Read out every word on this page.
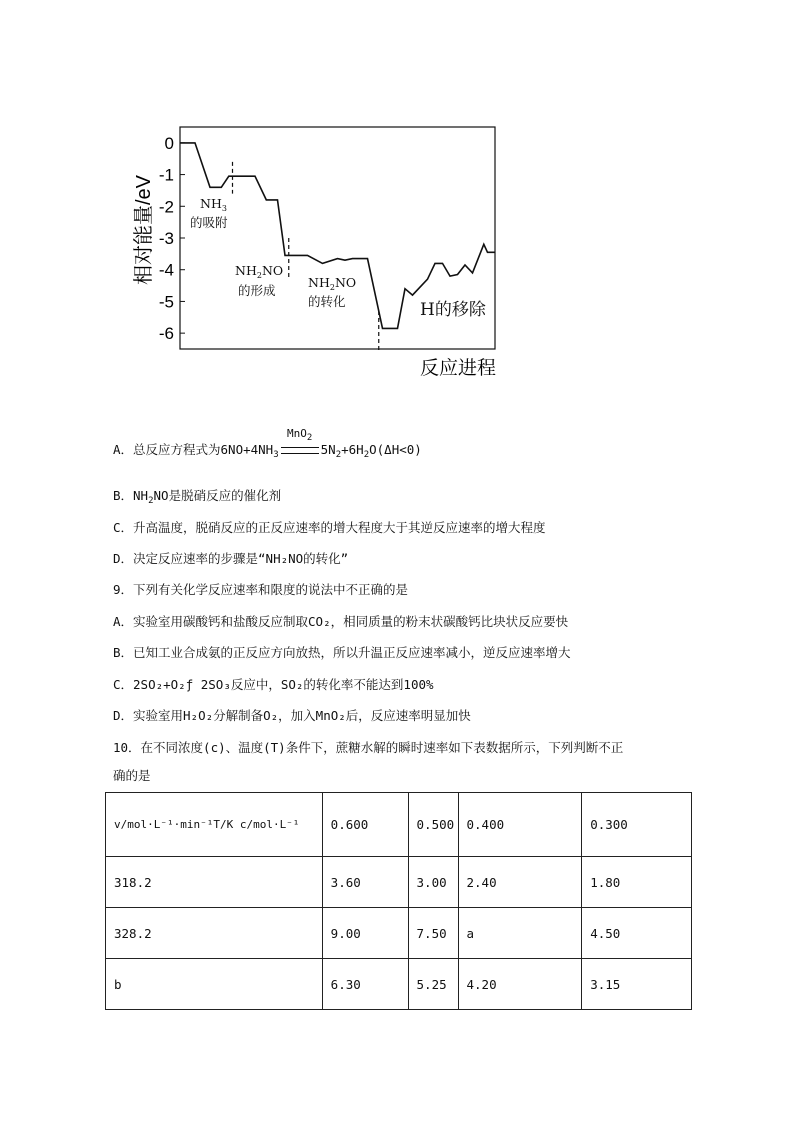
相对能量/eV
0
-1
-2
-3
-4
-5
-6
$NH_3$
的吸附
$NH_2NO$
的形成
$NH_2NO$
的转化	H的移除
反应进程
A．总反应方程式为$6NO+4NH_3$
MnO$_2$
$5N_2+6H_2O(\Delta H<0)$
B．$NH_2NO$是脱硝反应的催化剂
C．升高温度，脱硝反应的正反应速率的增大程度大于其逆反应速率的增大程度
D．决定反应速率的步骤是“NH₂NO的转化”
9．下列有关化学反应速率和限度的说法中不正确的是
A．实验室用碳酸钙和盐酸反应制取CO₂，相同质量的粉末状碳酸钙比块状反应要快
B．已知工业合成氨的正反应方向放热，所以升温正反应速率减小，逆反应速率增大
C．2SO₂+O₂ƒ 2SO₃反应中，SO₂的转化率不能达到100%
D．实验室用H₂O₂分解制备O₂，加入MnO₂后，反应速率明显加快
10．在不同浓度(c)、温度(T)条件下，蔗糖水解的瞬时速率如下表数据所示，下列判断不正
确的是
v/mol·L⁻¹·min⁻¹T/K c/mol·L⁻¹	0.600	0.500	0.400	0.300
318.2	3.60	3.00	2.40	1.80
328.2	9.00	7.50	a	4.50
b	6.30	5.25	4.20	3.15
